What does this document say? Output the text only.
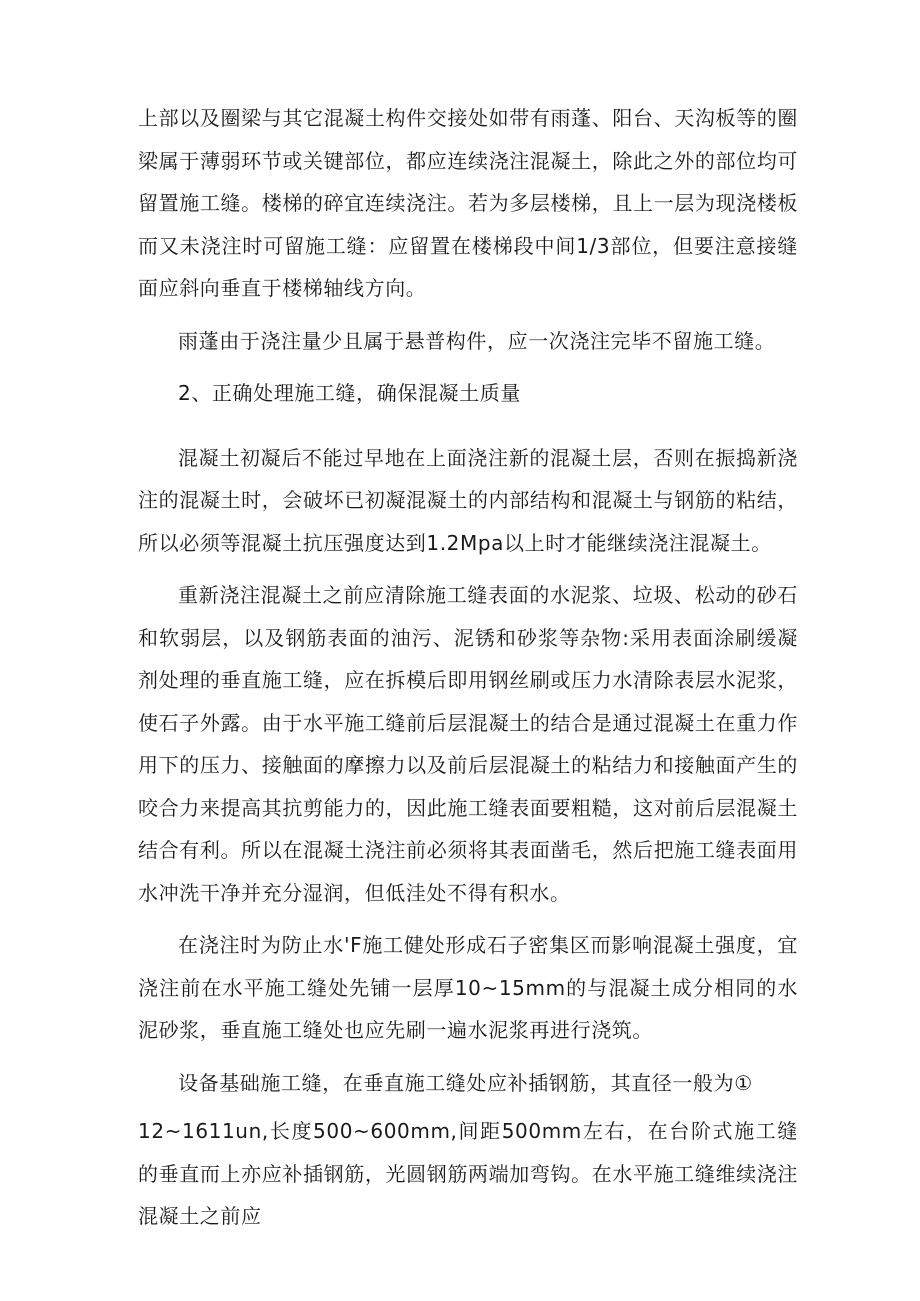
上部以及圈梁与其它混凝土构件交接处如带有雨蓬、阳台、天沟板等的圈梁属于薄弱环节或关键部位，都应连续浇注混凝土，除此之外的部位均可留置施工缝。楼梯的碎宜连续浇注。若为多层楼梯，且上一层为现浇楼板而又未浇注时可留施工缝：应留置在楼梯段中间1/3部位，但要注意接缝面应斜向垂直于楼梯轴线方向。

雨蓬由于浇注量少且属于悬普构件，应一次浇注完毕不留施工缝。

2、正确处理施工缝，确保混凝土质量

混凝土初凝后不能过早地在上面浇注新的混凝土层，否则在振捣新浇注的混凝土时，会破坏已初凝混凝土的内部结构和混凝土与钢筋的粘结，所以必须等混凝土抗压强度达到1.2Mpa以上时才能继续浇注混凝土。

重新浇注混凝土之前应清除施工缝表面的水泥浆、垃圾、松动的砂石和软弱层，以及钢筋表面的油污、泥锈和砂浆等杂物:采用表面涂刷缓凝剂处理的垂直施工缝，应在拆模后即用钢丝刷或压力水清除表层水泥浆，使石子外露。由于水平施工缝前后层混凝土的结合是通过混凝土在重力作用下的压力、接触面的摩擦力以及前后层混凝土的粘结力和接触面产生的咬合力来提高其抗剪能力的，因此施工缝表面要粗糙，这对前后层混凝土结合有利。所以在混凝土浇注前必须将其表面凿毛，然后把施工缝表面用水冲洗干净并充分湿润，但低洼处不得有积水。

在浇注时为防止水'F施工健处形成石子密集区而影响混凝土强度，宜浇注前在水平施工缝处先铺一层厚10~15mm的与混凝土成分相同的水泥砂浆，垂直施工缝处也应先刷一遍水泥浆再进行浇筑。

设备基础施工缝，在垂直施工缝处应补插钢筋，其直径一般为①

12~1611un,长度500~600mm,间距500mm左右，在台阶式施工缝的垂直而上亦应补插钢筋，光圆钢筋两端加弯钩。在水平施工缝维续浇注混凝土之前应
